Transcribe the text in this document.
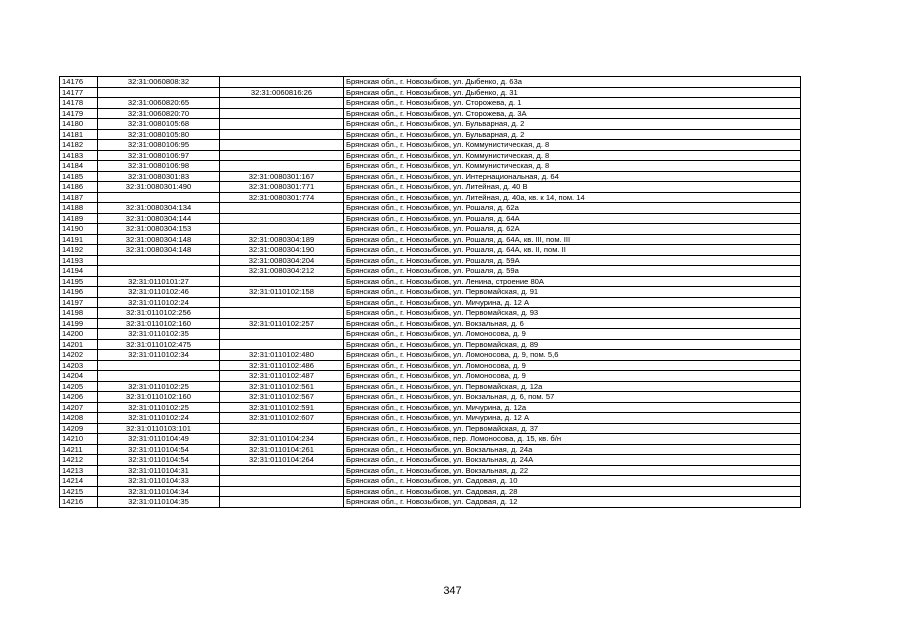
14176	32:31:0060808:32		Брянская обл., г. Новозыбков, ул. Дыбенко, д. 63а
14177		32:31:0060816:26	Брянская обл., г. Новозыбков, ул. Дыбенко, д. 31
14178	32:31:0060820:65		Брянская обл., г. Новозыбков, ул. Сторожева, д. 1
14179	32:31:0060820:70		Брянская обл., г. Новозыбков, ул. Сторожева, д. 3А
14180	32:31:0080105:68		Брянская обл., г. Новозыбков, ул. Бульварная, д. 2
14181	32:31:0080105:80		Брянская обл., г. Новозыбков, ул. Бульварная, д. 2
14182	32:31:0080106:95		Брянская обл., г. Новозыбков, ул. Коммунистическая, д. 8
14183	32:31:0080106:97		Брянская обл., г. Новозыбков, ул. Коммунистическая, д. 8
14184	32:31:0080106:98		Брянская обл., г. Новозыбков, ул. Коммунистическая, д. 8
14185	32:31:0080301:83	32:31:0080301:167	Брянская обл., г. Новозыбков, ул. Интернациональная, д. 64
14186	32:31:0080301:490	32:31:0080301:771	Брянская обл., г. Новозыбков, ул. Литейная, д. 40 В
14187		32:31:0080301:774	Брянская обл., г. Новозыбков, ул. Литейная, д. 40а, кв. к 14, пом. 14
14188	32:31:0080304:134		Брянская обл., г. Новозыбков, ул. Рошаля, д. 62а
14189	32:31:0080304:144		Брянская обл., г. Новозыбков, ул. Рошаля, д. 64А
14190	32:31:0080304:153		Брянская обл., г. Новозыбков, ул. Рошаля, д. 62А
14191	32:31:0080304:148	32:31:0080304:189	Брянская обл., г. Новозыбков, ул. Рошаля, д. 64А, кв. III, пом. III
14192	32:31:0080304:148	32:31:0080304:190	Брянская обл., г. Новозыбков, ул. Рошаля, д. 64А, кв. II, пом. II
14193		32:31:0080304:204	Брянская обл., г. Новозыбков, ул. Рошаля, д. 59А
14194		32:31:0080304:212	Брянская обл., г. Новозыбков, ул. Рошаля, д. 59а
14195	32:31:0110101:27		Брянская обл., г. Новозыбков, ул. Ленина, строение 80А
14196	32:31:0110102:46	32:31:0110102:158	Брянская обл., г. Новозыбков, ул. Первомайская, д. 91
14197	32:31:0110102:24		Брянская обл., г. Новозыбков, ул. Мичурина, д. 12 А
14198	32:31:0110102:256		Брянская обл., г. Новозыбков, ул. Первомайская, д. 93
14199	32:31:0110102:160	32:31:0110102:257	Брянская обл., г. Новозыбков, ул. Вокзальная, д. 6
14200	32:31:0110102:35		Брянская обл., г. Новозыбков, ул. Ломоносова, д. 9
14201	32:31:0110102:475		Брянская обл., г. Новозыбков, ул. Первомайская, д. 89
14202	32:31:0110102:34	32:31:0110102:480	Брянская обл., г. Новозыбков, ул. Ломоносова, д. 9, пом. 5,6
14203		32:31:0110102:486	Брянская обл., г. Новозыбков, ул. Ломоносова, д. 9
14204		32:31:0110102:487	Брянская обл., г. Новозыбков, ул. Ломоносова, д. 9
14205	32:31:0110102:25	32:31:0110102:561	Брянская обл., г. Новозыбков, ул. Первомайская, д. 12а
14206	32:31:0110102:160	32:31:0110102:567	Брянская обл., г. Новозыбков, ул. Вокзальная, д. 6, пом. 57
14207	32:31:0110102:25	32:31:0110102:591	Брянская обл., г. Новозыбков, ул. Мичурина, д. 12а
14208	32:31:0110102:24	32:31:0110102:607	Брянская обл., г. Новозыбков, ул. Мичурина, д. 12 А
14209	32:31:0110103:101		Брянская обл., г. Новозыбков, ул. Первомайская, д. 37
14210	32:31:0110104:49	32:31:0110104:234	Брянская обл., г. Новозыбков, пер. Ломоносова, д. 15, кв. б/н
14211	32:31:0110104:54	32:31:0110104:261	Брянская обл., г. Новозыбков, ул. Вокзальная, д. 24а
14212	32:31:0110104:54	32:31:0110104:264	Брянская обл., г. Новозыбков, ул. Вокзальная, д. 24А
14213	32:31:0110104:31		Брянская обл., г. Новозыбков, ул. Вокзальная, д. 22
14214	32:31:0110104:33		Брянская обл., г. Новозыбков, ул. Садовая, д. 10
14215	32:31:0110104:34		Брянская обл., г. Новозыбков, ул. Садовая, д. 28
14216	32:31:0110104:35		Брянская обл., г. Новозыбков, ул. Садовая, д. 12
347
